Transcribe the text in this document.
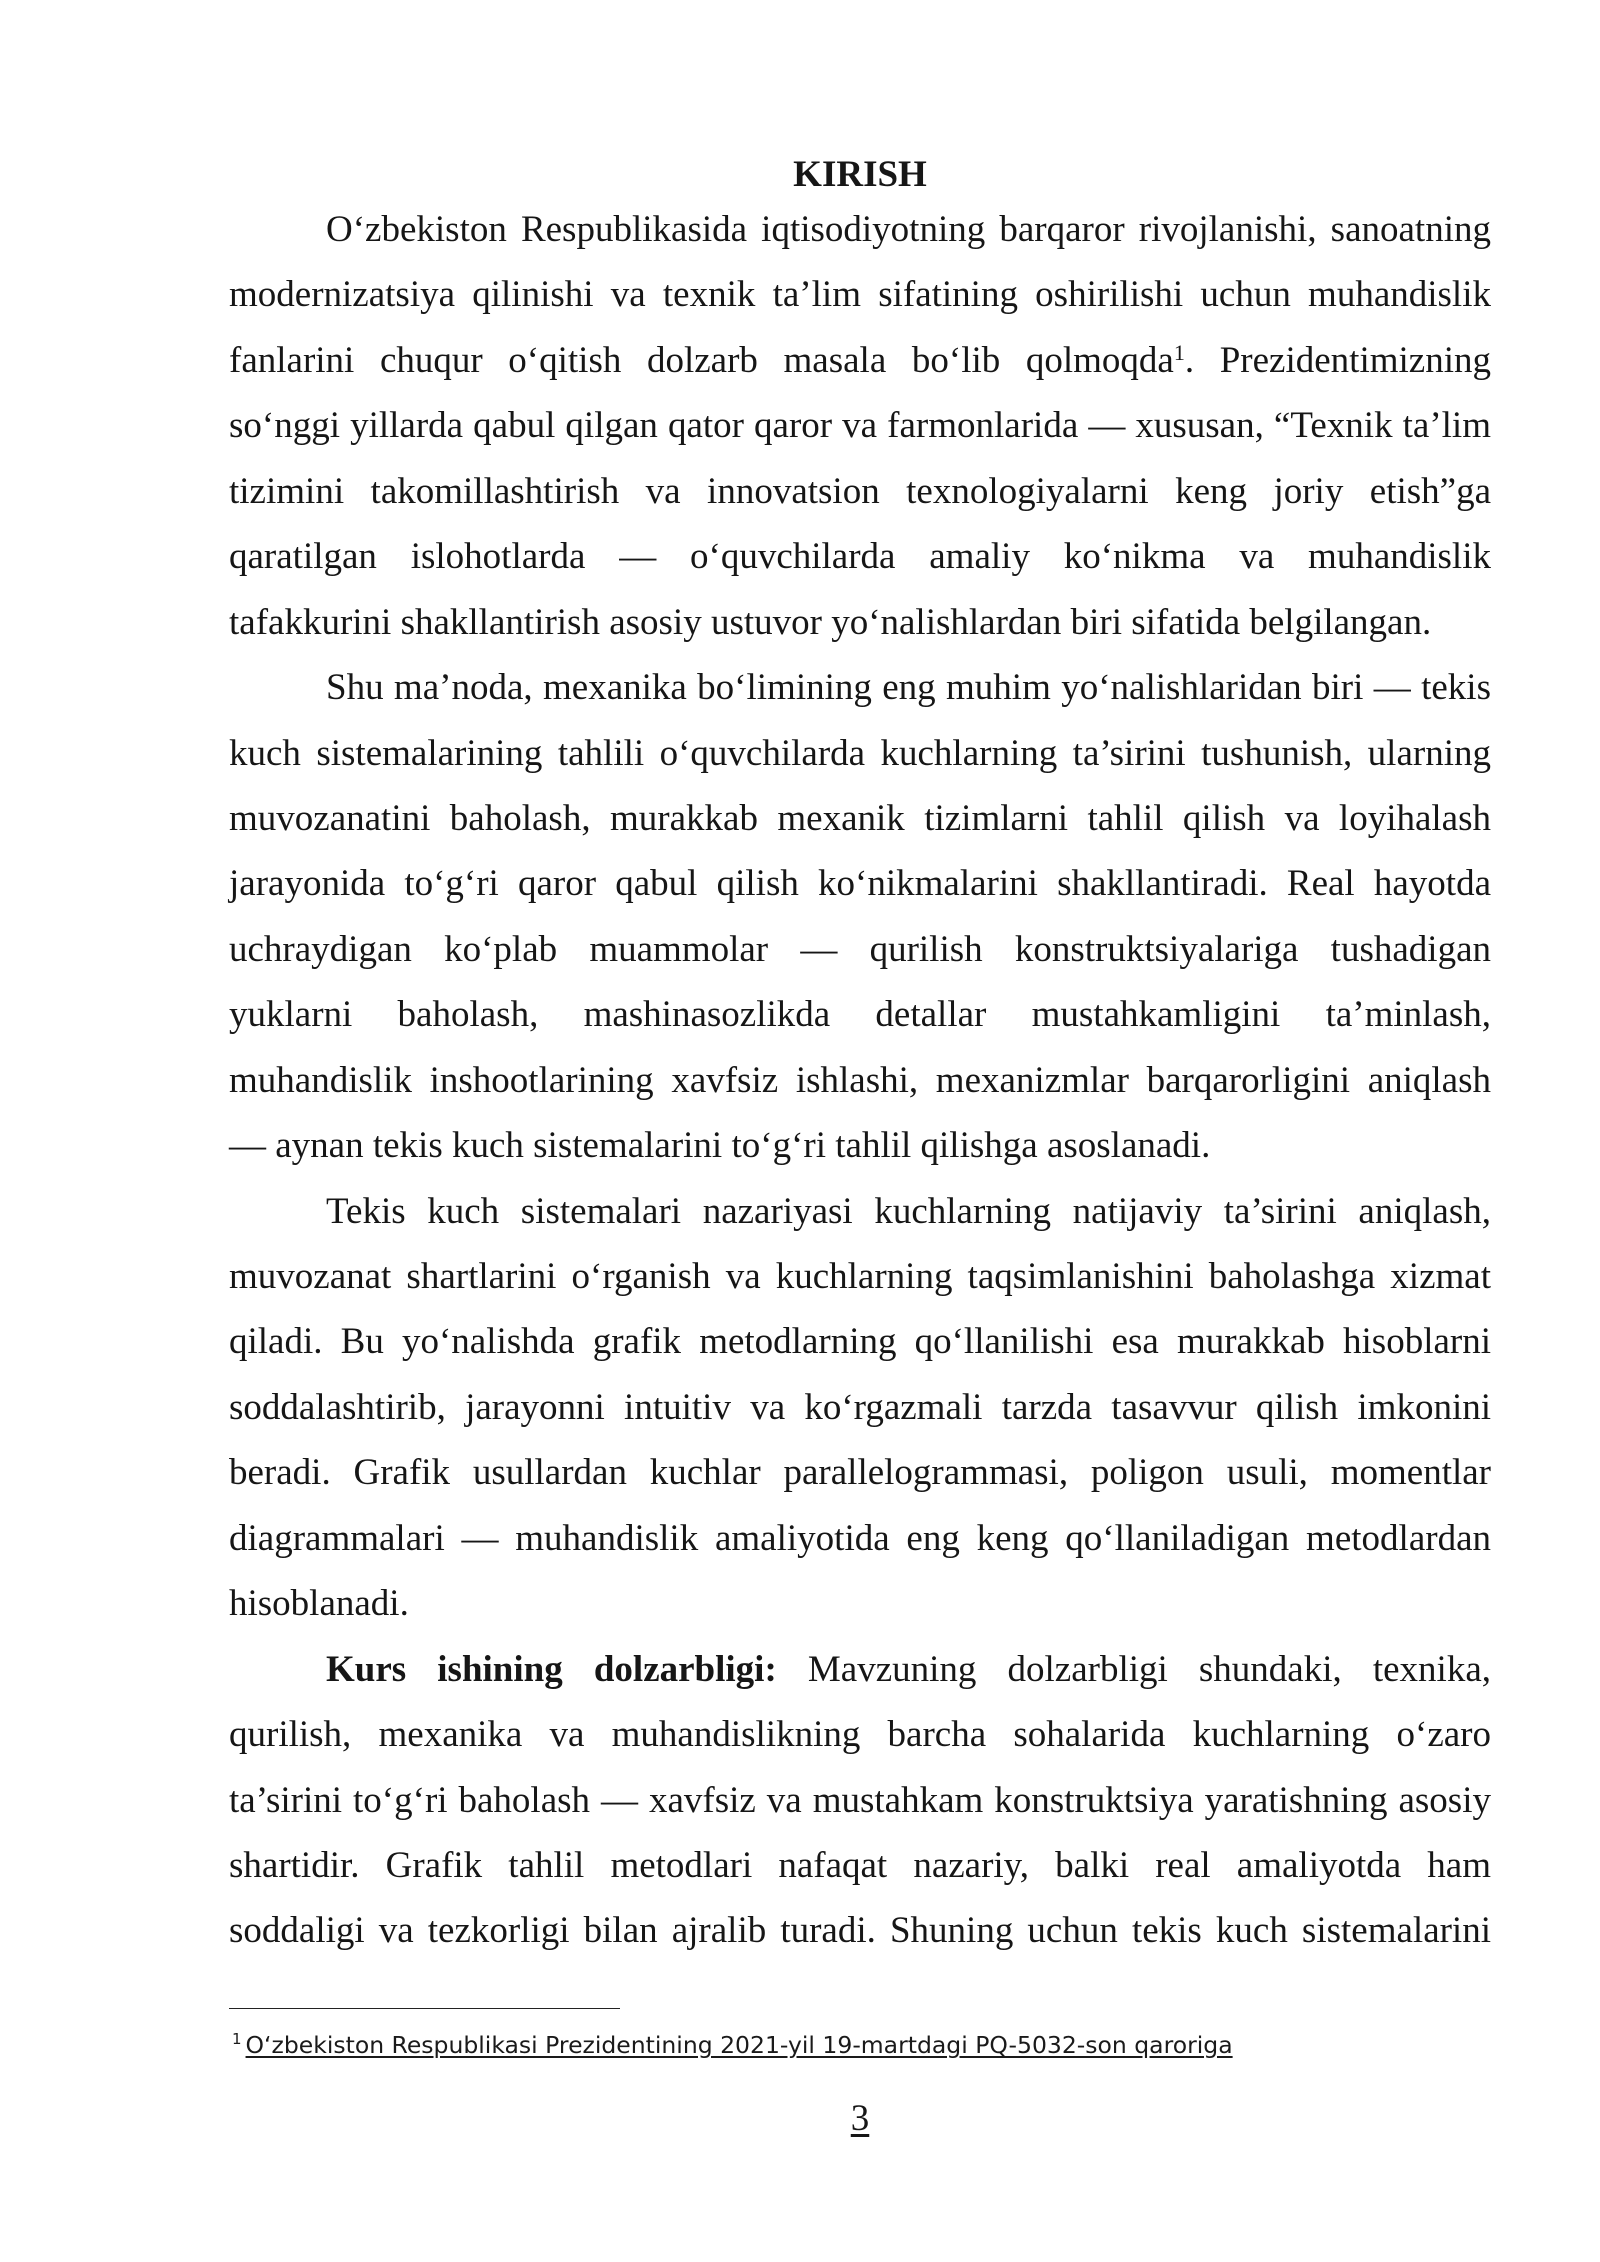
KIRISH
O‘zbekiston Respublikasida iqtisodiyotning barqaror rivojlanishi, sanoatning
modernizatsiya qilinishi va texnik ta’lim sifatining oshirilishi uchun muhandislik
fanlarini chuqur o‘qitish dolzarb masala bo‘lib qolmoqda$^1$. Prezidentimizning
so‘nggi yillarda qabul qilgan qator qaror va farmonlarida — xususan, “Texnik ta’lim
tizimini takomillashtirish va innovatsion texnologiyalarni keng joriy etish”ga
qaratilgan islohotlarda — o‘quvchilarda amaliy ko‘nikma va muhandislik
tafakkurini shakllantirish asosiy ustuvor yo‘nalishlardan biri sifatida belgilangan.
Shu ma’noda, mexanika bo‘limining eng muhim yo‘nalishlaridan biri — tekis
kuch sistemalarining tahlili o‘quvchilarda kuchlarning ta’sirini tushunish, ularning
muvozanatini baholash, murakkab mexanik tizimlarni tahlil qilish va loyihalash
jarayonida to‘g‘ri qaror qabul qilish ko‘nikmalarini shakllantiradi. Real hayotda
uchraydigan ko‘plab muammolar — qurilish konstruktsiyalariga tushadigan
yuklarni baholash, mashinasozlikda detallar mustahkamligini ta’minlash,
muhandislik inshootlarining xavfsiz ishlashi, mexanizmlar barqarorligini aniqlash
— aynan tekis kuch sistemalarini to‘g‘ri tahlil qilishga asoslanadi.
Tekis kuch sistemalari nazariyasi kuchlarning natijaviy ta’sirini aniqlash,
muvozanat shartlarini o‘rganish va kuchlarning taqsimlanishini baholashga xizmat
qiladi. Bu yo‘nalishda grafik metodlarning qo‘llanilishi esa murakkab hisoblarni
soddalashtirib, jarayonni intuitiv va ko‘rgazmali tarzda tasavvur qilish imkonini
beradi. Grafik usullardan kuchlar parallelogrammasi, poligon usuli, momentlar
diagrammalari — muhandislik amaliyotida eng keng qo‘llaniladigan metodlardan
hisoblanadi.
Kurs ishining dolzarbligi: Mavzuning dolzarbligi shundaki, texnika,
qurilish, mexanika va muhandislikning barcha sohalarida kuchlarning o‘zaro
ta’sirini to‘g‘ri baholash — xavfsiz va mustahkam konstruktsiya yaratishning asosiy
shartidir. Grafik tahlil metodlari nafaqat nazariy, balki real amaliyotda ham
soddaligi va tezkorligi bilan ajralib turadi. Shuning uchun tekis kuch sistemalarini
$^1$ O‘zbekiston Respublikasi Prezidentining 2021-yil 19-martdagi PQ-5032-son qaroriga
3
